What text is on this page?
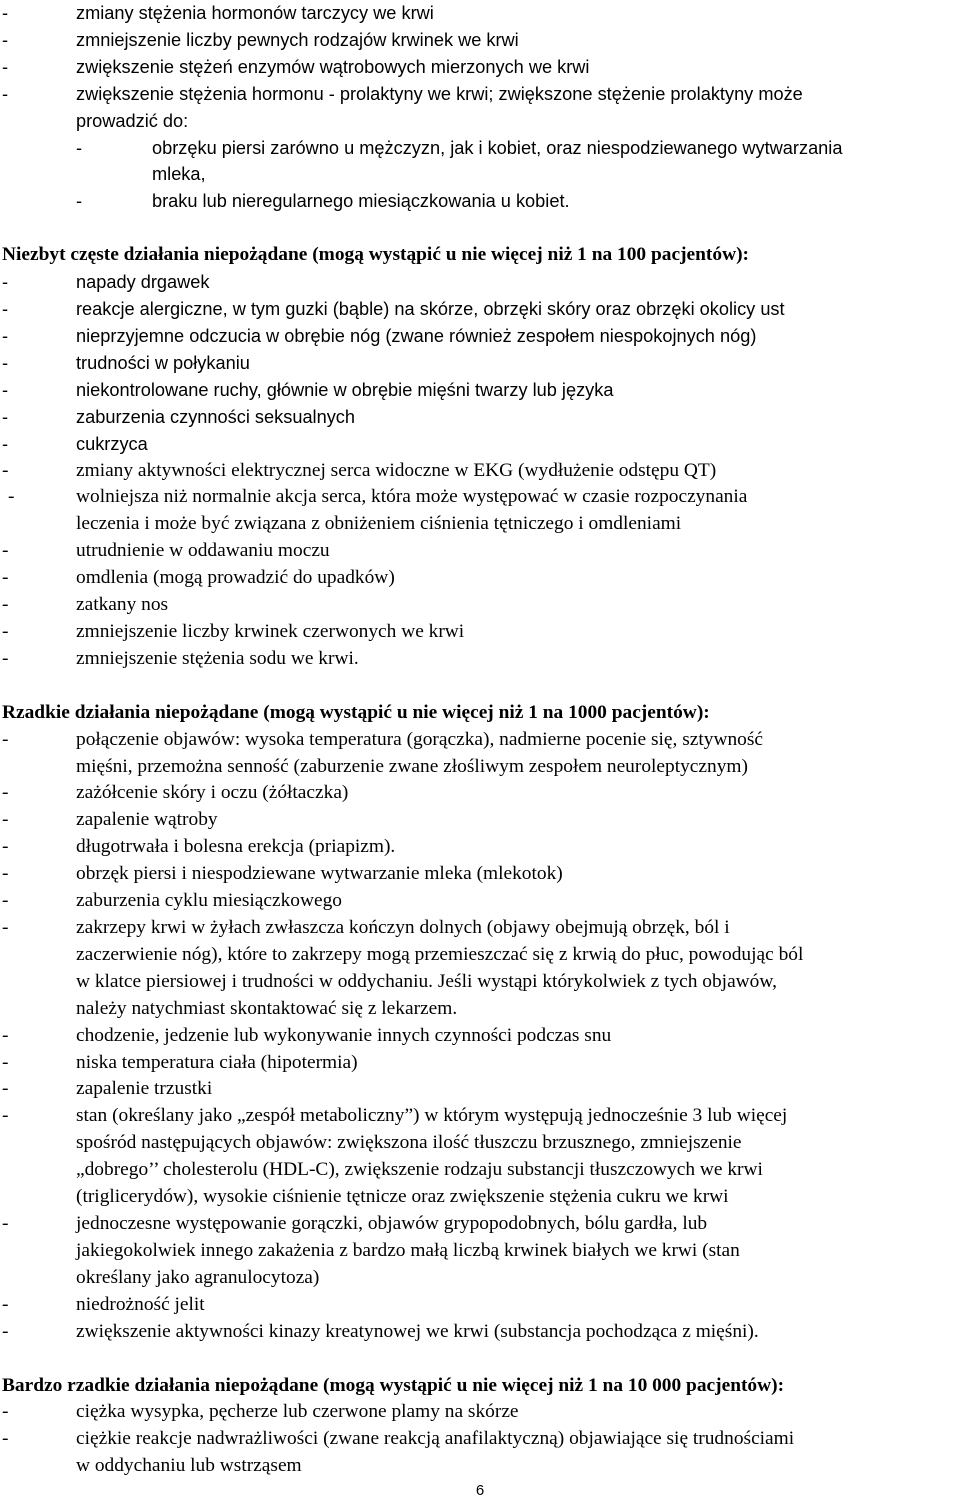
-	zmiany stężenia hormonów tarczycy we krwi
-	zmniejszenie liczby pewnych rodzajów krwinek we krwi
-	zwiększenie stężeń enzymów wątrobowych mierzonych we krwi
-	zwiększenie stężenia hormonu - prolaktyny we krwi; zwiększone stężenie prolaktyny może
prowadzić do:
-	obrzęku piersi zarówno u mężczyzn, jak i kobiet, oraz niespodziewanego wytwarzania
mleka,
-	braku lub nieregularnego miesiączkowania u kobiet.
Niezbyt częste działania niepożądane (mogą wystąpić u nie więcej niż 1 na 100 pacjentów):
-	napady drgawek
-	reakcje alergiczne, w tym guzki (bąble) na skórze, obrzęki skóry oraz obrzęki okolicy ust
-	nieprzyjemne odczucia w obrębie nóg (zwane również zespołem niespokojnych nóg)
-	trudności w połykaniu
-	niekontrolowane ruchy, głównie w obrębie mięśni twarzy lub języka
-	zaburzenia czynności seksualnych
-	cukrzyca
-	zmiany aktywności elektrycznej serca widoczne w EKG (wydłużenie odstępu QT)
-	wolniejsza niż normalnie akcja serca, która może występować w czasie rozpoczynania
leczenia i może być związana z obniżeniem ciśnienia tętniczego i omdleniami
-	utrudnienie w oddawaniu moczu
-	omdlenia (mogą prowadzić do upadków)
-	zatkany nos
-	zmniejszenie liczby krwinek czerwonych we krwi
-	zmniejszenie stężenia sodu we krwi.
Rzadkie działania niepożądane (mogą wystąpić u nie więcej niż 1 na 1000 pacjentów):
-	połączenie objawów: wysoka temperatura (gorączka), nadmierne pocenie się, sztywność
mięśni, przemożna senność (zaburzenie zwane złośliwym zespołem neuroleptycznym)
-	zażółcenie skóry i oczu (żółtaczka)
-	zapalenie wątroby
-	długotrwała i bolesna erekcja (priapizm).
-	obrzęk piersi i niespodziewane wytwarzanie mleka (mlekotok)
-	zaburzenia cyklu miesiączkowego
-	zakrzepy krwi w żyłach zwłaszcza kończyn dolnych (objawy obejmują obrzęk, ból i
zaczerwienie nóg), które to zakrzepy mogą przemieszczać się z krwią do płuc, powodując ból
w klatce piersiowej i trudności w oddychaniu. Jeśli wystąpi którykolwiek z tych objawów,
należy natychmiast skontaktować się z lekarzem.
-	chodzenie, jedzenie lub wykonywanie innych czynności podczas snu
-	niska temperatura ciała (hipotermia)
-	zapalenie trzustki
-	stan (określany jako „zespół metaboliczny”) w którym występują jednocześnie 3 lub więcej
spośród następujących objawów: zwiększona ilość tłuszczu brzusznego, zmniejszenie
„dobrego’’ cholesterolu (HDL-C), zwiększenie rodzaju substancji tłuszczowych we krwi
(triglicerydów), wysokie ciśnienie tętnicze oraz zwiększenie stężenia cukru we krwi
-	jednoczesne występowanie gorączki, objawów grypopodobnych, bólu gardła, lub
jakiegokolwiek innego zakażenia z bardzo małą liczbą krwinek białych we krwi (stan
określany jako agranulocytoza)
-	niedrożność jelit
-	zwiększenie aktywności kinazy kreatynowej we krwi (substancja pochodząca z mięśni).
Bardzo rzadkie działania niepożądane (mogą wystąpić u nie więcej niż 1 na 10 000 pacjentów):
-	ciężka wysypka, pęcherze lub czerwone plamy na skórze
-	ciężkie reakcje nadwrażliwości (zwane reakcją anafilaktyczną) objawiające się trudnościami
w oddychaniu lub wstrząsem
6
